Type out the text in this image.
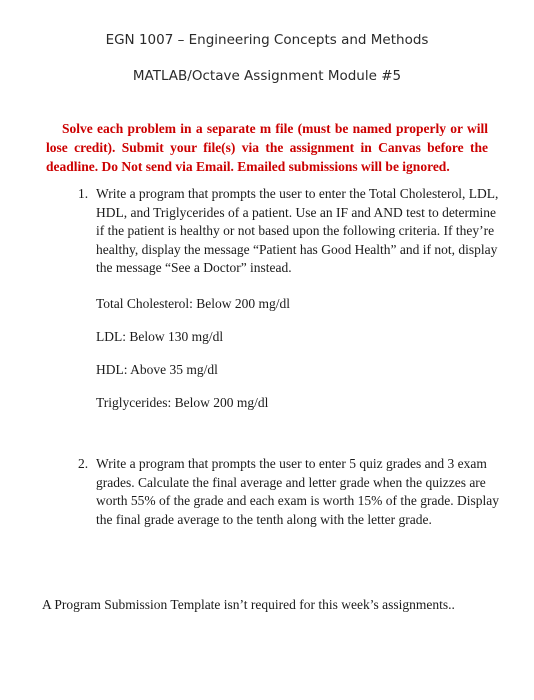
EGN 1007 – Engineering Concepts and Methods
MATLAB/Octave Assignment Module #5
Solve each problem in a separate m file (must be named properly or will lose credit). Submit your file(s) via the assignment in Canvas before the deadline. Do Not send via Email. Emailed submissions will be ignored.
1. Write a program that prompts the user to enter the Total Cholesterol, LDL, HDL, and Triglycerides of a patient. Use an IF and AND test to determine if the patient is healthy or not based upon the following criteria. If they’re healthy, display the message “Patient has Good Health” and if not, display the message “See a Doctor” instead.
Total Cholesterol: Below 200 mg/dl
LDL: Below 130 mg/dl
HDL: Above 35 mg/dl
Triglycerides: Below 200 mg/dl
2. Write a program that prompts the user to enter 5 quiz grades and 3 exam grades. Calculate the final average and letter grade when the quizzes are worth 55% of the grade and each exam is worth 15% of the grade. Display the final grade average to the tenth along with the letter grade.
A Program Submission Template isn’t required for this week’s assignments..
